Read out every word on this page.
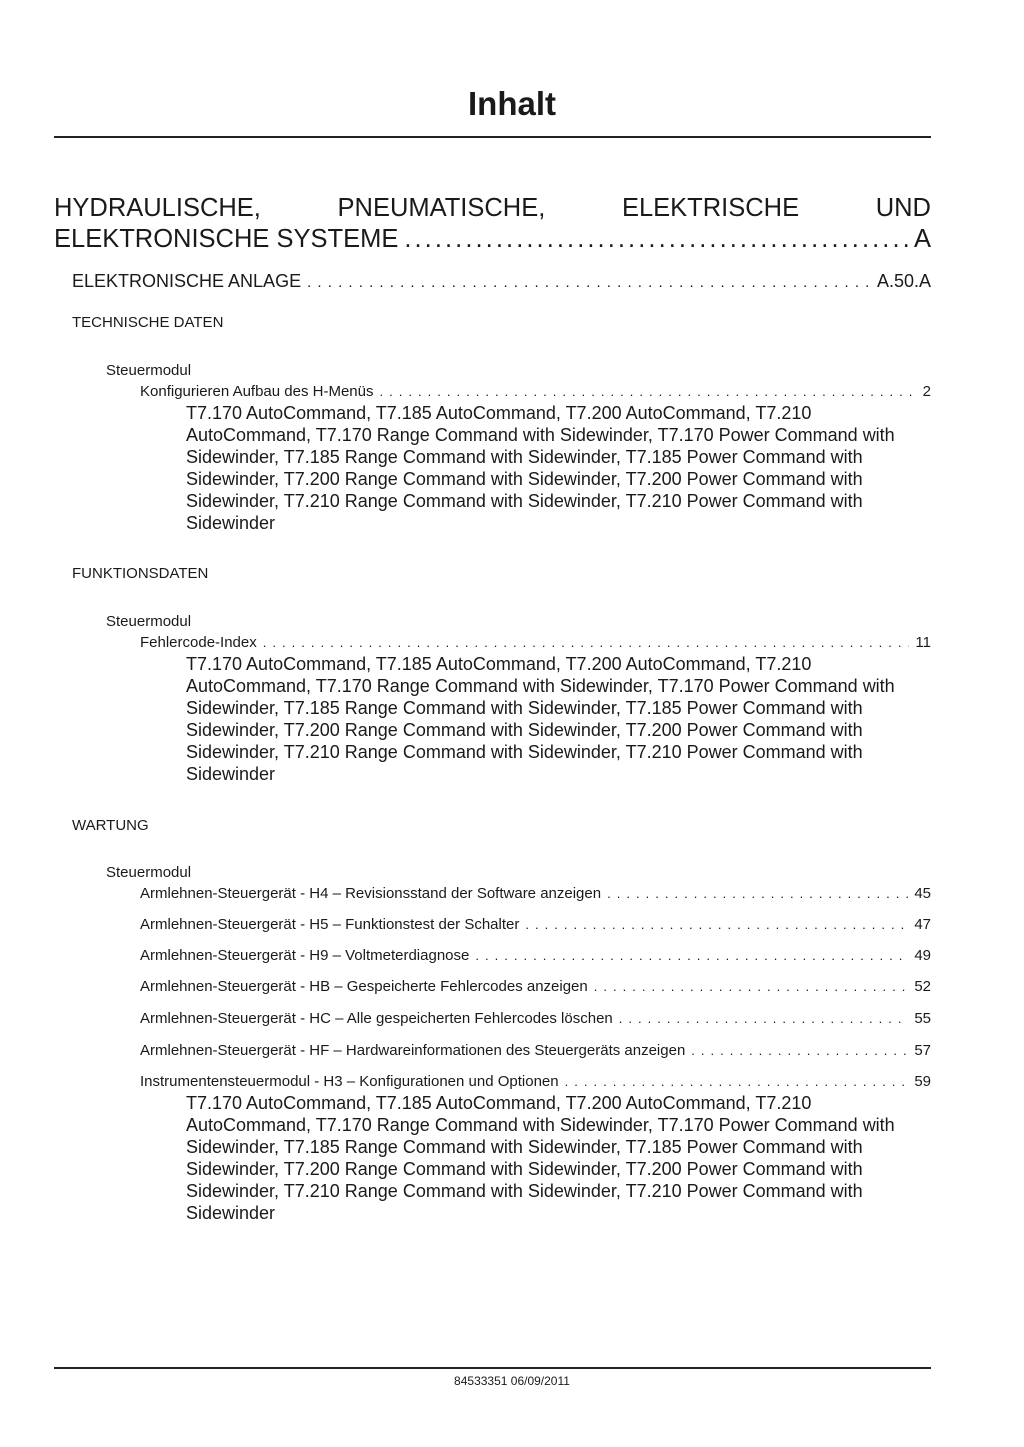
Inhalt
HYDRAULISCHE,	PNEUMATISCHE,	ELEKTRISCHE	UND
ELEKTRONISCHE SYSTEME . . .	A
ELEKTRONISCHE ANLAGE . . .	A.50.A
TECHNISCHE DATEN
Steuermodul
Konfigurieren Aufbau des H-Menüs . . .	2
T7.170 AutoCommand, T7.185 AutoCommand, T7.200 AutoCommand, T7.210 AutoCommand, T7.170 Range Command with Sidewinder, T7.170 Power Command with Sidewinder, T7.185 Range Command with Sidewinder, T7.185 Power Command with Sidewinder, T7.200 Range Command with Sidewinder, T7.200 Power Command with Sidewinder, T7.210 Range Command with Sidewinder, T7.210 Power Command with Sidewinder
FUNKTIONSDATEN
Steuermodul
Fehlercode-Index . . .	11
T7.170 AutoCommand, T7.185 AutoCommand, T7.200 AutoCommand, T7.210 AutoCommand, T7.170 Range Command with Sidewinder, T7.170 Power Command with Sidewinder, T7.185 Range Command with Sidewinder, T7.185 Power Command with Sidewinder, T7.200 Range Command with Sidewinder, T7.200 Power Command with Sidewinder, T7.210 Range Command with Sidewinder, T7.210 Power Command with Sidewinder
WARTUNG
Steuermodul
Armlehnen-Steuergerät - H4 – Revisionsstand der Software anzeigen . . .	45
Armlehnen-Steuergerät - H5 – Funktionstest der Schalter . . .	47
Armlehnen-Steuergerät - H9 – Voltmeterdiagnose . . .	49
Armlehnen-Steuergerät - HB – Gespeicherte Fehlercodes anzeigen . . .	52
Armlehnen-Steuergerät - HC – Alle gespeicherten Fehlercodes löschen . . .	55
Armlehnen-Steuergerät - HF – Hardwareinformationen des Steuergeräts anzeigen . . .	57
Instrumentensteuermodul - H3 – Konfigurationen und Optionen . . .	59
T7.170 AutoCommand, T7.185 AutoCommand, T7.200 AutoCommand, T7.210 AutoCommand, T7.170 Range Command with Sidewinder, T7.170 Power Command with Sidewinder, T7.185 Range Command with Sidewinder, T7.185 Power Command with Sidewinder, T7.200 Range Command with Sidewinder, T7.200 Power Command with Sidewinder, T7.210 Range Command with Sidewinder, T7.210 Power Command with Sidewinder
84533351 06/09/2011
